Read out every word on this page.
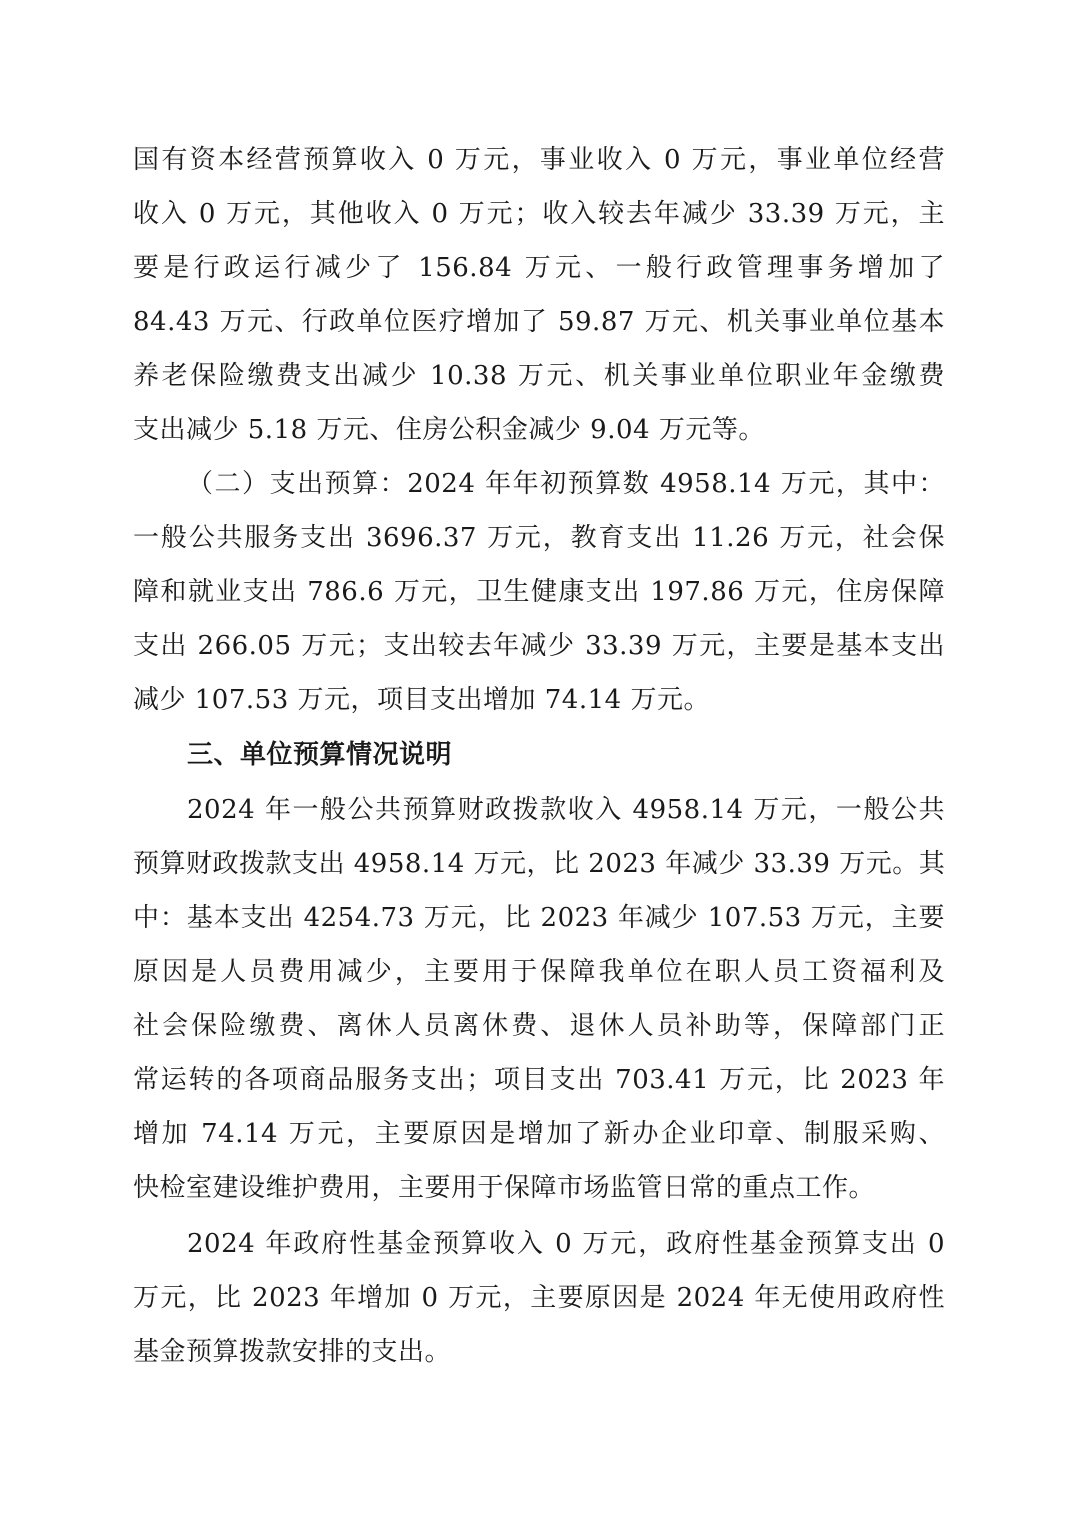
国有资本经营预算收入 0 万元，事业收入 0 万元，事业单位经营

收入 0 万元，其他收入 0 万元；收入较去年减少 33.39 万元，主

要是行政运行减少了 156.84 万元、一般行政管理事务增加了

84.43 万元、行政单位医疗增加了 59.87 万元、机关事业单位基本

养老保险缴费支出减少 10.38 万元、机关事业单位职业年金缴费

支出减少 5.18 万元、住房公积金减少 9.04 万元等。

（二）支出预算：2024 年年初预算数 4958.14 万元，其中：

一般公共服务支出 3696.37 万元，教育支出 11.26 万元，社会保

障和就业支出 786.6 万元，卫生健康支出 197.86 万元，住房保障

支出 266.05 万元；支出较去年减少 33.39 万元，主要是基本支出

减少 107.53 万元，项目支出增加 74.14 万元。

三、单位预算情况说明

2024 年一般公共预算财政拨款收入 4958.14 万元，一般公共

预算财政拨款支出 4958.14 万元，比 2023 年减少 33.39 万元。其

中：基本支出 4254.73 万元，比 2023 年减少 107.53 万元，主要

原因是人员费用减少，主要用于保障我单位在职人员工资福利及

社会保险缴费、离休人员离休费、退休人员补助等，保障部门正

常运转的各项商品服务支出；项目支出 703.41 万元，比 2023 年

增加 74.14 万元，主要原因是增加了新办企业印章、制服采购、

快检室建设维护费用，主要用于保障市场监管日常的重点工作。

2024 年政府性基金预算收入 0 万元，政府性基金预算支出 0

万元，比 2023 年增加 0 万元，主要原因是 2024 年无使用政府性

基金预算拨款安排的支出。
